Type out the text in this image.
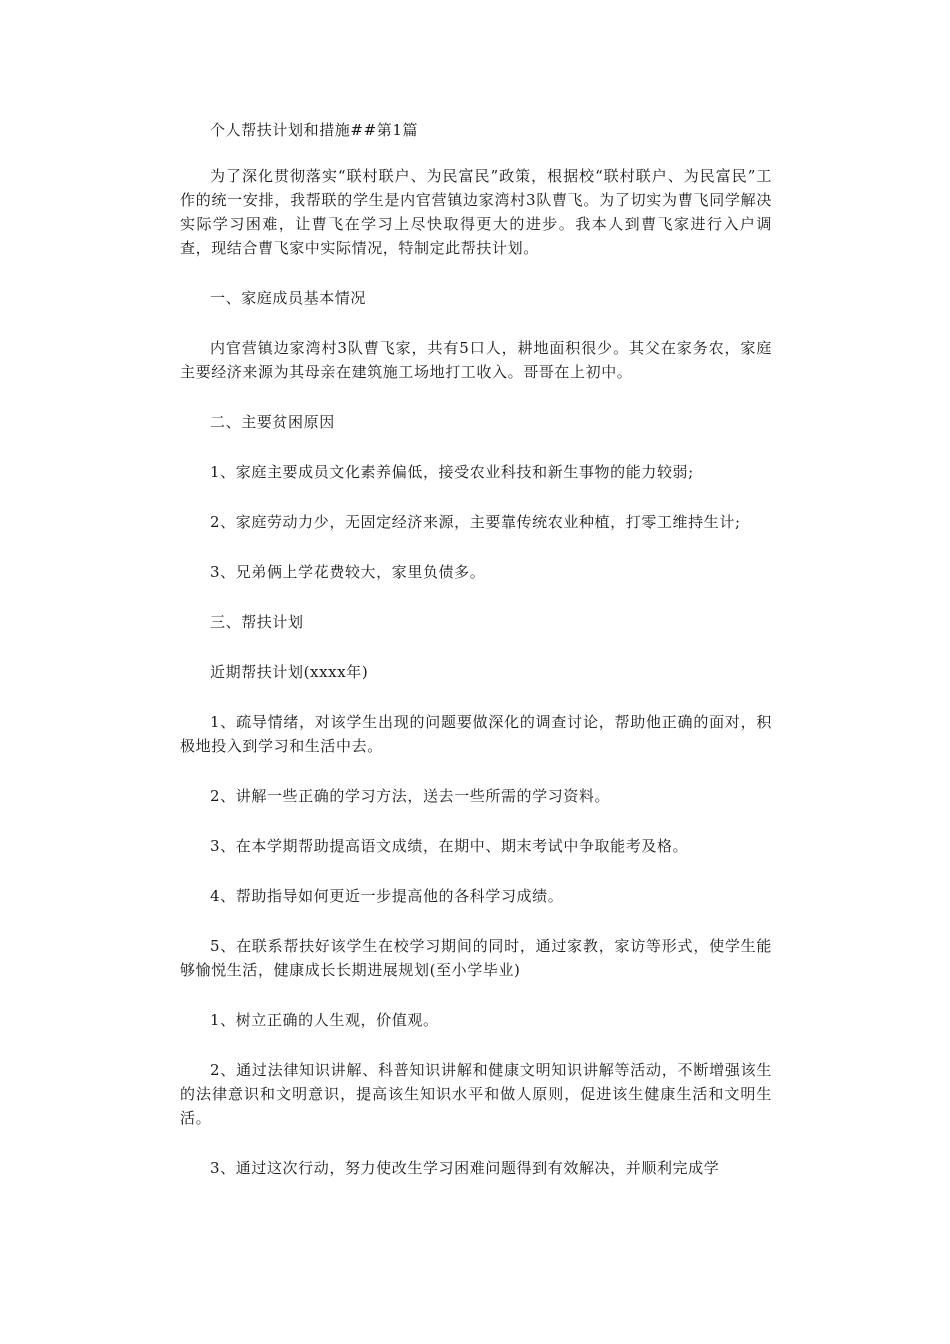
个人帮扶计划和措施##第1篇

为了深化贯彻落实“联村联户、为民富民”政策，根据校“联村联户、为民富民”工作的统一安排，我帮联的学生是内官营镇边家湾村3队曹飞。为了切实为曹飞同学解决实际学习困难，让曹飞在学习上尽快取得更大的进步。我本人到曹飞家进行入户调查，现结合曹飞家中实际情况，特制定此帮扶计划。

一、家庭成员基本情况

内官营镇边家湾村3队曹飞家，共有5口人，耕地面积很少。其父在家务农，家庭主要经济来源为其母亲在建筑施工场地打工收入。哥哥在上初中。

二、主要贫困原因

1、家庭主要成员文化素养偏低，接受农业科技和新生事物的能力较弱;

2、家庭劳动力少，无固定经济来源，主要靠传统农业种植，打零工维持生计;

3、兄弟俩上学花费较大，家里负债多。

三、帮扶计划

近期帮扶计划(xxxx年)

1、疏导情绪，对该学生出现的问题要做深化的调查讨论，帮助他正确的面对，积极地投入到学习和生活中去。

2、讲解一些正确的学习方法，送去一些所需的学习资料。

3、在本学期帮助提高语文成绩，在期中、期末考试中争取能考及格。

4、帮助指导如何更近一步提高他的各科学习成绩。

5、在联系帮扶好该学生在校学习期间的同时，通过家教，家访等形式，使学生能够愉悦生活，健康成长长期进展规划(至小学毕业)

1、树立正确的人生观，价值观。

2、通过法律知识讲解、科普知识讲解和健康文明知识讲解等活动，不断增强该生的法律意识和文明意识，提高该生知识水平和做人原则，促进该生健康生活和文明生活。

3、通过这次行动，努力使改生学习困难问题得到有效解决，并顺利完成学
